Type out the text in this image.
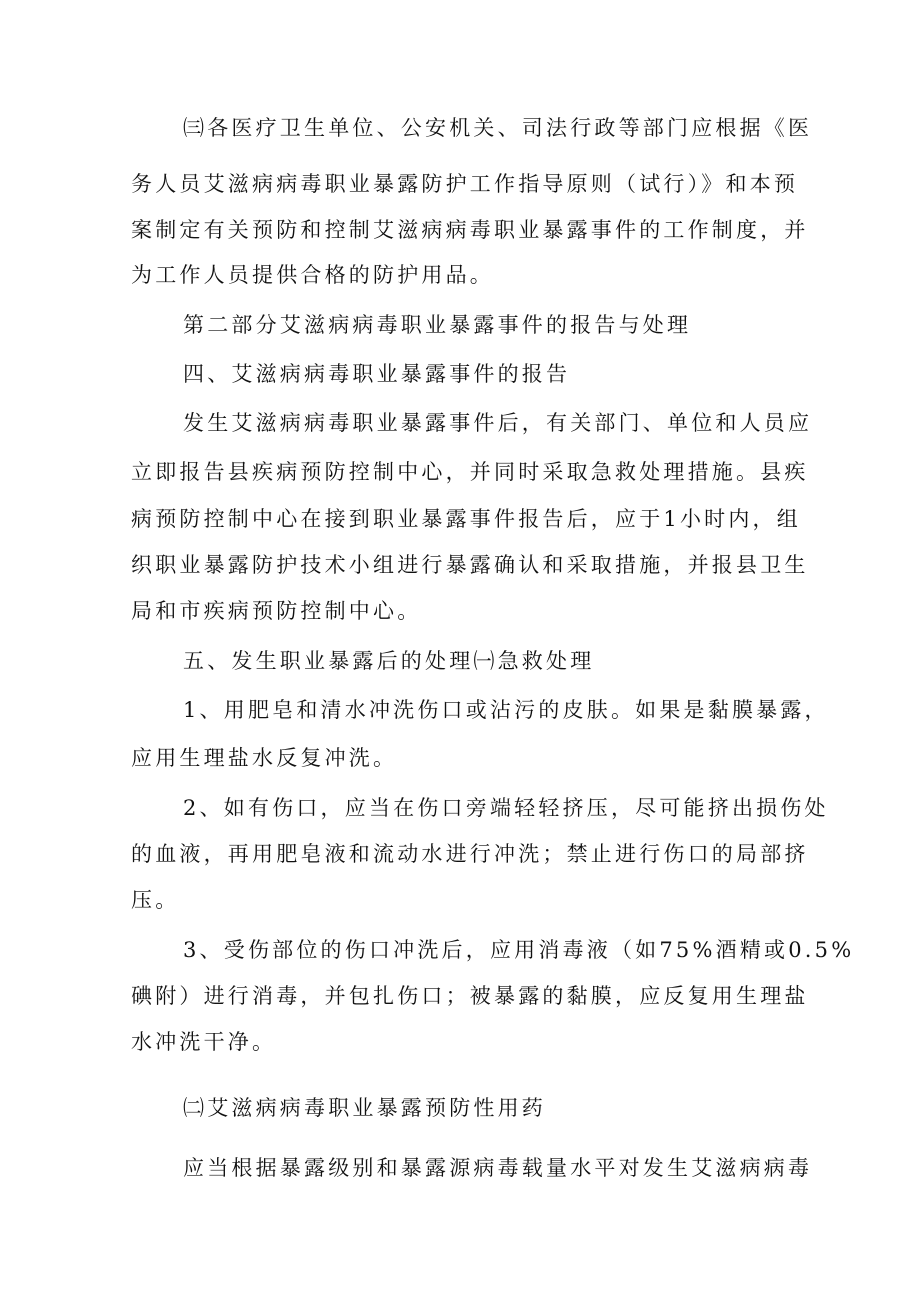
㈢各医疗卫生单位、公安机关、司法行政等部门应根据《医
务人员艾滋病病毒职业暴露防护工作指导原则（试行）》和本预
案制定有关预防和控制艾滋病病毒职业暴露事件的工作制度，并
为工作人员提供合格的防护用品。
第二部分艾滋病病毒职业暴露事件的报告与处理
四、艾滋病病毒职业暴露事件的报告
发生艾滋病病毒职业暴露事件后，有关部门、单位和人员应
立即报告县疾病预防控制中心，并同时采取急救处理措施。县疾
病预防控制中心在接到职业暴露事件报告后，应于1小时内，组
织职业暴露防护技术小组进行暴露确认和采取措施，并报县卫生
局和市疾病预防控制中心。
五、发生职业暴露后的处理㈠急救处理
1、用肥皂和清水冲洗伤口或沾污的皮肤。如果是黏膜暴露，
应用生理盐水反复冲洗。
2、如有伤口，应当在伤口旁端轻轻挤压，尽可能挤出损伤处
的血液，再用肥皂液和流动水进行冲洗；禁止进行伤口的局部挤
压。
3、受伤部位的伤口冲洗后，应用消毒液（如75%酒精或0.5%
碘附）进行消毒，并包扎伤口；被暴露的黏膜，应反复用生理盐
水冲洗干净。
㈡艾滋病病毒职业暴露预防性用药
应当根据暴露级别和暴露源病毒载量水平对发生艾滋病病毒
